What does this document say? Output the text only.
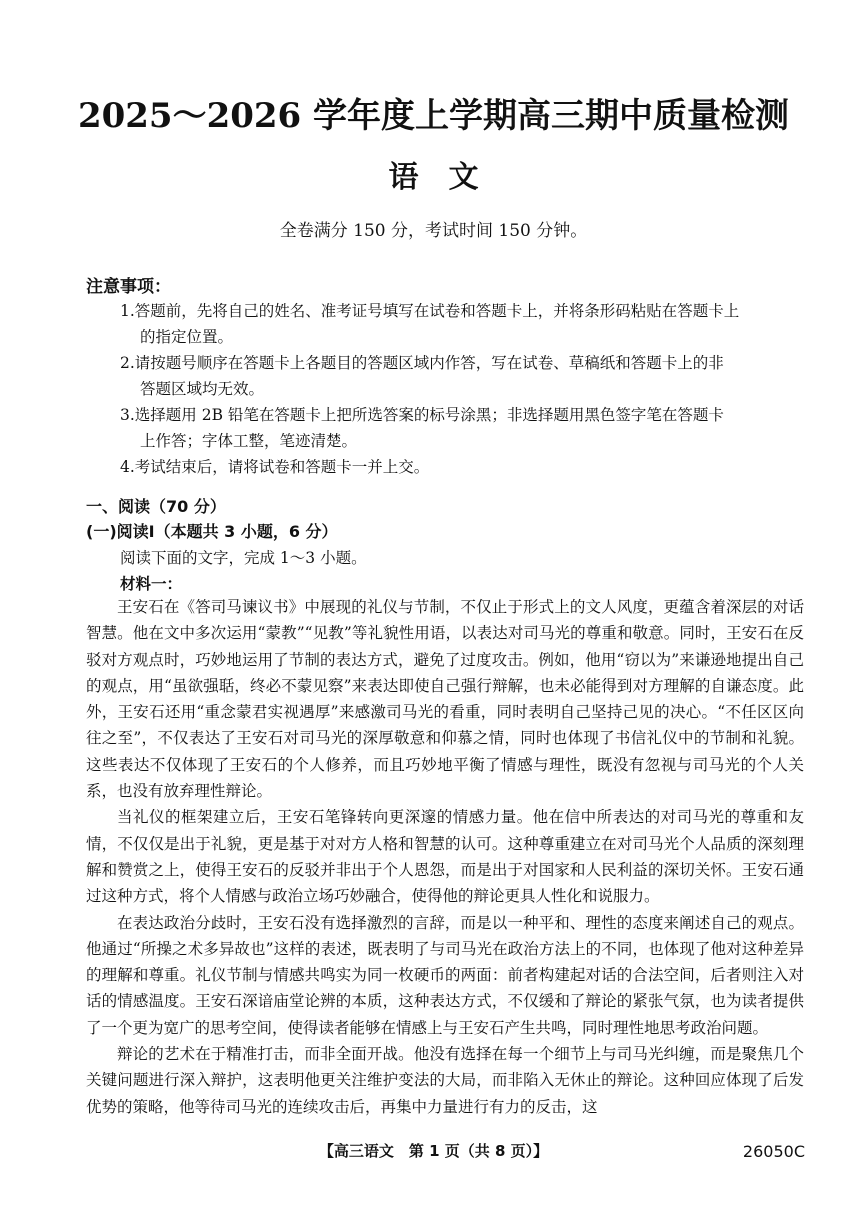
2025～2026 学年度上学期高三期中质量检测
语　文
全卷满分 150 分，考试时间 150 分钟。
注意事项：
1.答题前，先将自己的姓名、准考证号填写在试卷和答题卡上，并将条形码粘贴在答题卡上
的指定位置。
2.请按题号顺序在答题卡上各题目的答题区域内作答，写在试卷、草稿纸和答题卡上的非
答题区域均无效。
3.选择题用 2B 铅笔在答题卡上把所选答案的标号涂黑；非选择题用黑色签字笔在答题卡
上作答；字体工整，笔迹清楚。
4.考试结束后，请将试卷和答题卡一并上交。
一、阅读（70 分）
(一)阅读Ⅰ（本题共 3 小题，6 分）
阅读下面的文字，完成 1～3 小题。
材料一：

王安石在《答司马谏议书》中展现的礼仪与节制，不仅止于形式上的文人风度，更蕴含着深层的对话智慧。他在文中多次运用“蒙教”“见教”等礼貌性用语，以表达对司马光的尊重和敬意。同时，王安石在反驳对方观点时，巧妙地运用了节制的表达方式，避免了过度攻击。例如，他用“窃以为”来谦逊地提出自己的观点，用“虽欲强聒，终必不蒙见察”来表达即使自己强行辩解，也未必能得到对方理解的自谦态度。此外，王安石还用“重念蒙君实视遇厚”来感激司马光的看重，同时表明自己坚持己见的决心。“不任区区向往之至”，不仅表达了王安石对司马光的深厚敬意和仰慕之情，同时也体现了书信礼仪中的节制和礼貌。这些表达不仅体现了王安石的个人修养，而且巧妙地平衡了情感与理性，既没有忽视与司马光的个人关系，也没有放弃理性辩论。

当礼仪的框架建立后，王安石笔锋转向更深邃的情感力量。他在信中所表达的对司马光的尊重和友情，不仅仅是出于礼貌，更是基于对对方人格和智慧的认可。这种尊重建立在对司马光个人品质的深刻理解和赞赏之上，使得王安石的反驳并非出于个人恩怨，而是出于对国家和人民利益的深切关怀。王安石通过这种方式，将个人情感与政治立场巧妙融合，使得他的辩论更具人性化和说服力。

在表达政治分歧时，王安石没有选择激烈的言辞，而是以一种平和、理性的态度来阐述自己的观点。他通过“所操之术多异故也”这样的表述，既表明了与司马光在政治方法上的不同，也体现了他对这种差异的理解和尊重。礼仪节制与情感共鸣实为同一枚硬币的两面：前者构建起对话的合法空间，后者则注入对话的情感温度。王安石深谙庙堂论辨的本质，这种表达方式，不仅缓和了辩论的紧张气氛，也为读者提供了一个更为宽广的思考空间，使得读者能够在情感上与王安石产生共鸣，同时理性地思考政治问题。

辩论的艺术在于精准打击，而非全面开战。他没有选择在每一个细节上与司马光纠缠，而是聚焦几个关键问题进行深入辩护，这表明他更关注维护变法的大局，而非陷入无休止的辩论。这种回应体现了后发优势的策略，他等待司马光的连续攻击后，再集中力量进行有力的反击，这

【高三语文　第 1 页（共 8 页）】	26050C
